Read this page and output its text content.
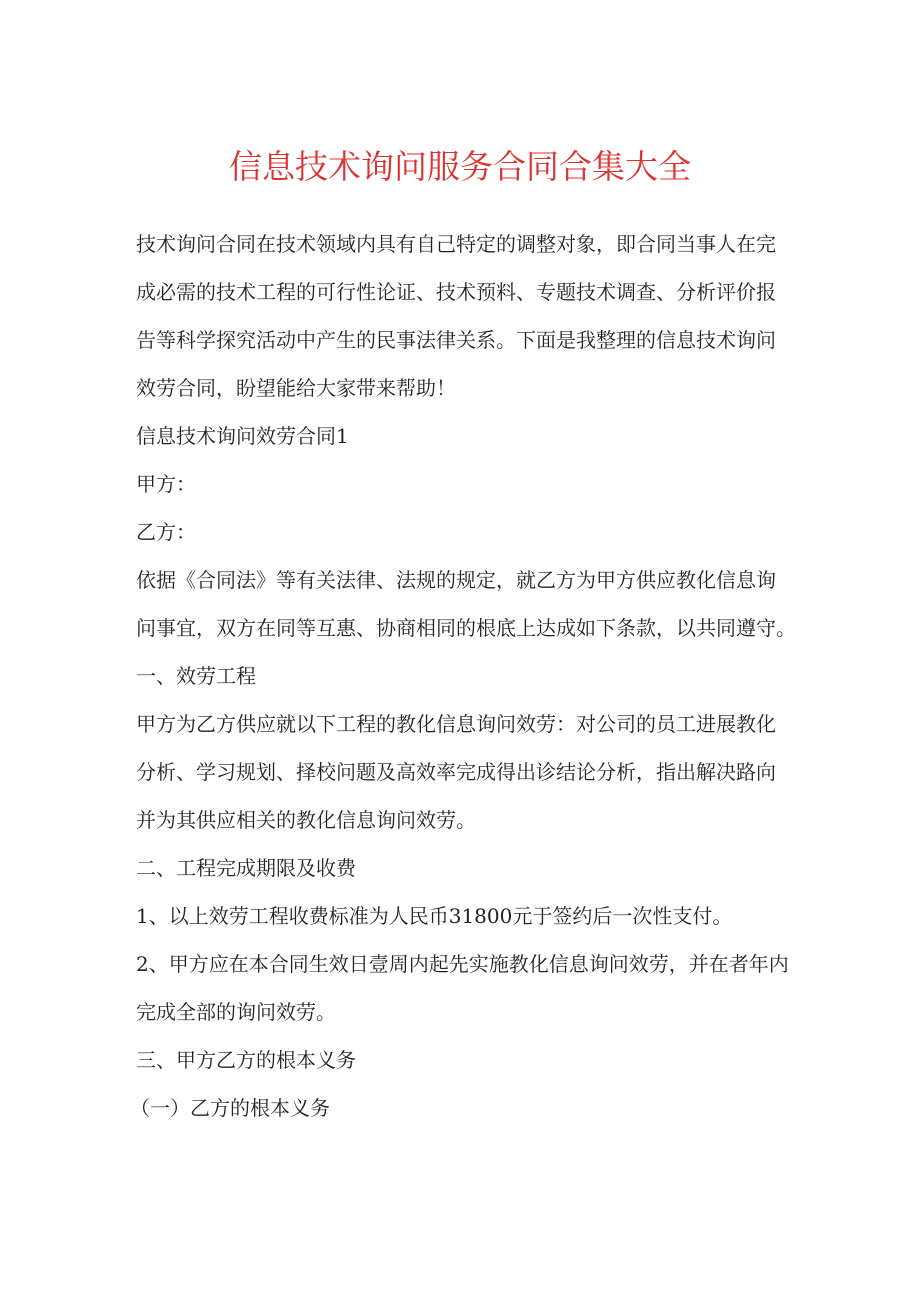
信息技术询问服务合同合集大全
技术询问合同在技术领域内具有自己特定的调整对象，即合同当事人在完
成必需的技术工程的可行性论证、技术预料、专题技术调查、分析评价报
告等科学探究活动中产生的民事法律关系。下面是我整理的信息技术询问
效劳合同，盼望能给大家带来帮助！
信息技术询问效劳合同1
甲方：
乙方：
依据《合同法》等有关法律、法规的规定，就乙方为甲方供应教化信息询
问事宜，双方在同等互惠、协商相同的根底上达成如下条款，以共同遵守。
一、效劳工程
甲方为乙方供应就以下工程的教化信息询问效劳：对公司的员工进展教化
分析、学习规划、择校问题及高效率完成得出诊结论分析，指出解决路向
并为其供应相关的教化信息询问效劳。
二、工程完成期限及收费
1、以上效劳工程收费标准为人民币31800元于签约后一次性支付。
2、甲方应在本合同生效日壹周内起先实施教化信息询问效劳，并在者年内
完成全部的询问效劳。
三、甲方乙方的根本义务
（一）乙方的根本义务
